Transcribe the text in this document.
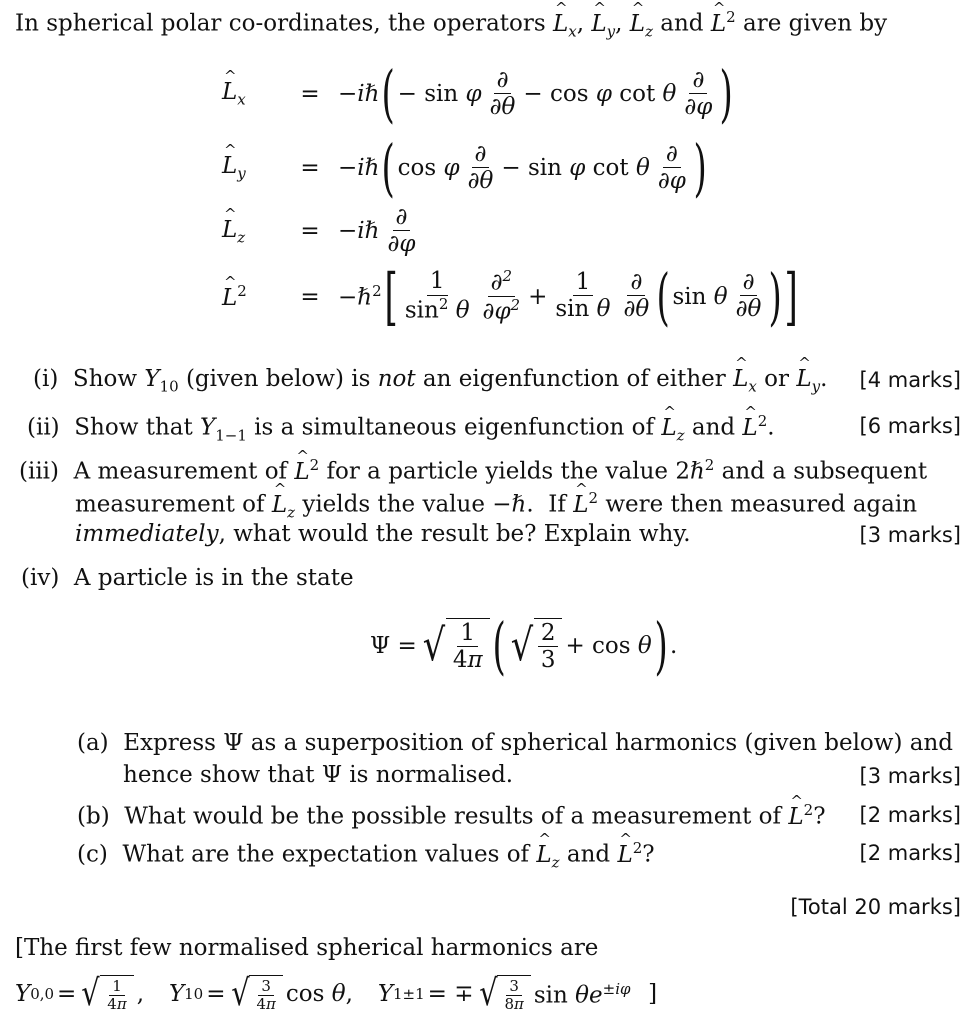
In spherical polar co-ordinates, the operators ^ $L_x$, ^ $L_y$, ^ $L_z$ and ^ $L^2$ are given by
^ $L_x$	= −iℏ ( − sin φ $\frac{\partial}{\partial\theta} - \cos \varphi$ cot θ $\frac{\partial}{\partial\varphi}$ )
^ $L_y$	= −iℏ ( cos φ $\frac{\partial}{\partial\theta} - \sin \varphi$ cot θ $\frac{\partial}{\partial\varphi}$ )
^ $L_z$	= −iℏ $\frac{\partial}{\partial\varphi}$
^ $L^2$	= −ℏ$^2$ [ $\frac{1}{\sin^2 \theta} \frac{\partial^2}{\partial\varphi^2} + \frac{1}{\text{sin θ}} \frac{\partial}{\partial\theta}$ ( sin θ $\frac{\partial}{\partial\theta}$ ) ]
(i)  Show $Y_{10}$ (given below) is not an eigenfunction of either ^ $L_x$ or ^ $L_y$. [4 marks]
(ii)  Show that $Y_{1-1}$ is a simultaneous eigenfunction of ^ $L_z$ and ^ $L^2$.	[6 marks]
(iii)  A measurement of ^ $L^2$ for a particle yields the value 2ℏ$^2$ and a subsequent
measurement of ^ $L_z$ yields the value −ℏ.  If ^ $L^2$ were then measured again
immediately, what would the result be? Explain why.	[3 marks]
(iv) A particle is in the state
Ψ = √ $\frac{1}{4\pi}$ ( √ $\frac{2}{3} + \cos \theta$ ) .
(a)  Express Ψ as a superposition of spherical harmonics (given below) and
hence show that Ψ is normalised.	[3 marks]
(b)  What would be the possible results of a measurement of ^ $L^2$? [2 marks]
(c)  What are the expectation values of ^ $L_z$ and ^ $L^2$?	[2 marks]
[Total 20 marks]
[The first few normalised spherical harmonics are
Y 0,0 = √ $\frac{1}{4\pi}$ , Y 10 = √ $\frac{3}{4\pi}$ cos θ, Y 1±1 = ∓ √ $\frac{3}{8\pi}$ $\sin \theta e^{\pm i\varphi}$ ]
